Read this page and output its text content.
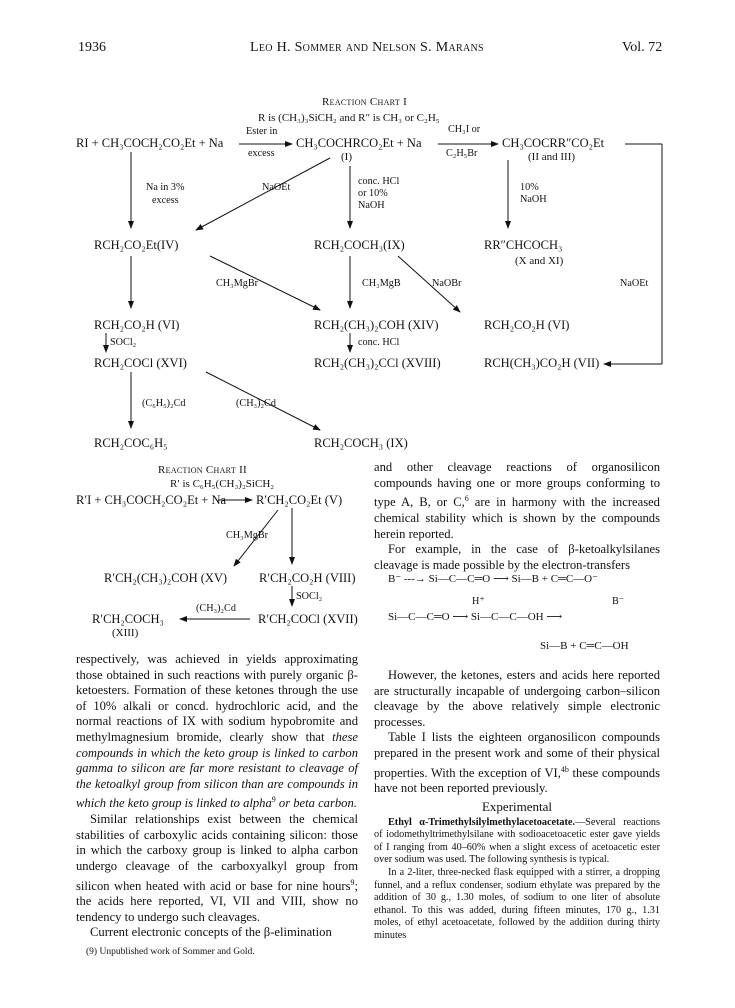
1936	Leo H. Sommer and Nelson S. Marans	Vol. 72
Reaction Chart I
R is (CH₃)₃SiCH₂ and R″ is CH₃ or C₂H₅
RI + CH₃COCH₂CO₂Et + Na
Ester in
excess
CH₃COCHRCO₂Et + Na
(I)
CH₃I or
C₂H₅Br
CH₃COCRR″CO₂Et
(II and III)
Na in 3%
excess
NaOEt
conc. HCl
or 10%
NaOH
10%
NaOH
RCH₂CO₂Et(IV)	RCH₂COCH₃(IX)	RR″CHCOCH₃
(X and XI)
CH₃MgBr	CH₃MgB	NaOBr	NaOEt
RCH₂CO₂H (VI)	RCH₂(CH₃)₂COH (XIV)	RCH₂CO₂H (VI)
SOCl₂	conc. HCl
RCH₂COCl (XVI)	RCH₂(CH₃)₂CCl (XVIII)	RCH(CH₃)CO₂H (VII)
(C₆H₅)₂Cd	(CH₃)₂Cd
RCH₂COC₆H₅	RCH₂COCH₃ (IX)
Reaction Chart II
R′ is C₆H₅(CH₃)₂SiCH₂
R′I + CH₃COCH₂CO₂Et + Na R′CH₂CO₂Et (V)
CH₃MgBr
R′CH₂(CH₃)₂COH (XV)	R′CH₂CO₂H (VIII)
SOCl₂
(CH₃)₂Cd
R′CH₂COCH₃
(XIII)
R′CH₂COCl (XVII)

respectively, was achieved in yields approximating those obtained in such reactions with purely organic β-ketoesters. Formation of these ketones through the use of 10% alkali or concd. hydrochloric acid, and the normal reactions of IX with sodium hypobromite and methylmagnesium bromide, clearly show that these compounds in which the keto group is linked to carbon gamma to silicon are far more resistant to cleavage of the ketoalkyl group from silicon than are compounds in which the keto group is linked to alpha$^9$ or beta carbon.

Similar relationships exist between the chemical stabilities of carboxylic acids containing silicon: those in which the carboxy group is linked to alpha carbon undergo cleavage of the carboxyalkyl group from silicon when heated with acid or base for nine hours$^9$; the acids here reported, VI, VII and VIII, show no tendency to undergo such cleavages.

Current electronic concepts of the β-elimination

(9) Unpublished work of Sommer and Gold.

and other cleavage reactions of organosilicon compounds having one or more groups conforming to type A, B, or C,$^6$ are in harmony with the increased chemical stability which is shown by the compounds herein reported.

For example, in the case of β-ketoalkylsilanes cleavage is made possible by the electron-transfers

B⁻ ---→ Si—C—C═O ⟶ Si—B + C═C—O⁻
H⁺	B⁻
Si—C—C═O ⟶ Si—C—C—OH ⟶
Si—B + C═C—OH

However, the ketones, esters and acids here reported are structurally incapable of undergoing carbon–silicon cleavage by the above relatively simple electronic processes.

Table I lists the eighteen organosilicon compounds prepared in the present work and some of their physical properties. With the exception of VI,$^{4b}$ these compounds have not been reported previously.

Experimental

Ethyl α-Trimethylsilylmethylacetoacetate.—Several reactions of iodomethyltrimethylsilane with sodioacetoacetic ester gave yields of I ranging from 40–60% when a slight excess of acetoacetic ester over sodium was used. The following synthesis is typical.

In a 2-liter, three-necked flask equipped with a stirrer, a dropping funnel, and a reflux condenser, sodium ethylate was prepared by the addition of 30 g., 1.30 moles, of sodium to one liter of absolute ethanol. To this was added, during fifteen minutes, 170 g., 1.31 moles, of ethyl acetoacetate, followed by the addition during thirty minutes
